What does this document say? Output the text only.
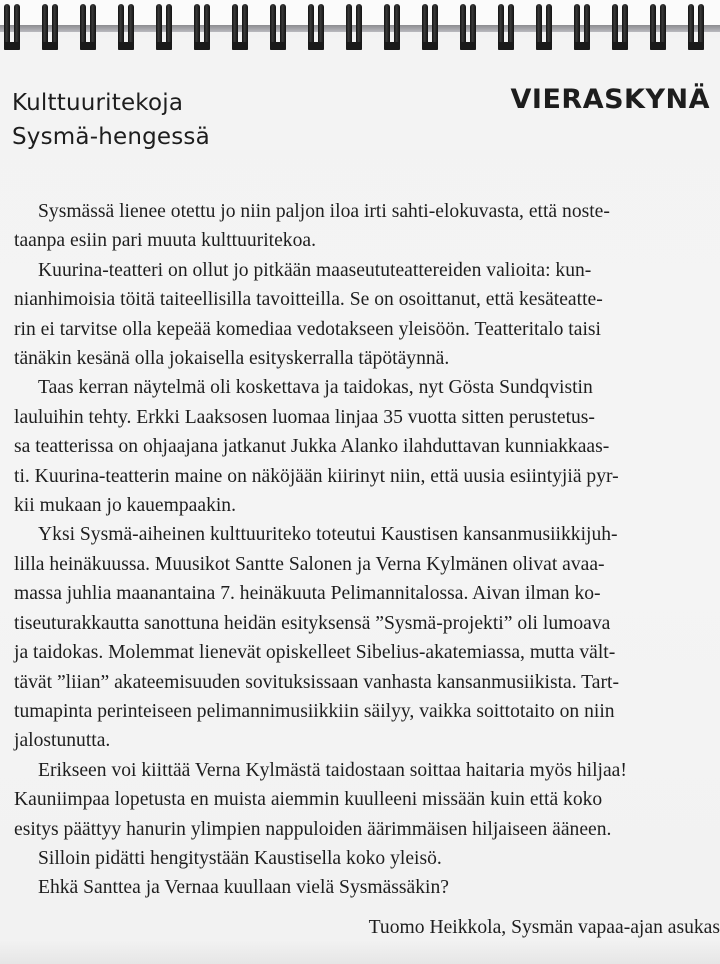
Kulttuuritekoja
Sysmä-hengessä
VIERASKYNÄ

Sysmässä lienee otettu jo niin paljon iloa irti sahti-elokuvasta, että noste-
taanpa esiin pari muuta kulttuuritekoa.

Kuurina-teatteri on ollut jo pitkään maaseututeattereiden valioita: kun-
nianhimoisia töitä taiteellisilla tavoitteilla. Se on osoittanut, että kesäteatte-
rin ei tarvitse olla kepeää komediaa vedotakseen yleisöön. Teatteritalo taisi
tänäkin kesänä olla jokaisella esityskerralla täpötäynnä.

Taas kerran näytelmä oli koskettava ja taidokas, nyt Gösta Sundqvistin
lauluihin tehty. Erkki Laaksosen luomaa linjaa 35 vuotta sitten perustetus-
sa teatterissa on ohjaajana jatkanut Jukka Alanko ilahduttavan kunniakkaas-
ti. Kuurina-teatterin maine on näköjään kiirinyt niin, että uusia esiintyjiä pyr-
kii mukaan jo kauempaakin.

Yksi Sysmä-aiheinen kulttuuriteko toteutui Kaustisen kansanmusiikkijuh-
lilla heinäkuussa. Muusikot Santte Salonen ja Verna Kylmänen olivat avaa-
massa juhlia maanantaina 7. heinäkuuta Pelimannitalossa. Aivan ilman ko-
tiseuturakkautta sanottuna heidän esityksensä ”Sysmä-projekti” oli lumoava
ja taidokas. Molemmat lienevät opiskelleet Sibelius-akatemiassa, mutta vält-
tävät ”liian” akateemisuuden sovituksissaan vanhasta kansanmusiikista. Tart-
tumapinta perinteiseen pelimannimusiikkiin säilyy, vaikka soittotaito on niin
jalostunutta.

Erikseen voi kiittää Verna Kylmästä taidostaan soittaa haitaria myös hiljaa!
Kauniimpaa lopetusta en muista aiemmin kuulleeni missään kuin että koko
esitys päättyy hanurin ylimpien nappuloiden äärimmäisen hiljaiseen ääneen.

Silloin pidätti hengitystään Kaustisella koko yleisö.

Ehkä Santtea ja Vernaa kuullaan vielä Sysmässäkin?

Tuomo Heikkola, Sysmän vapaa-ajan asukas
